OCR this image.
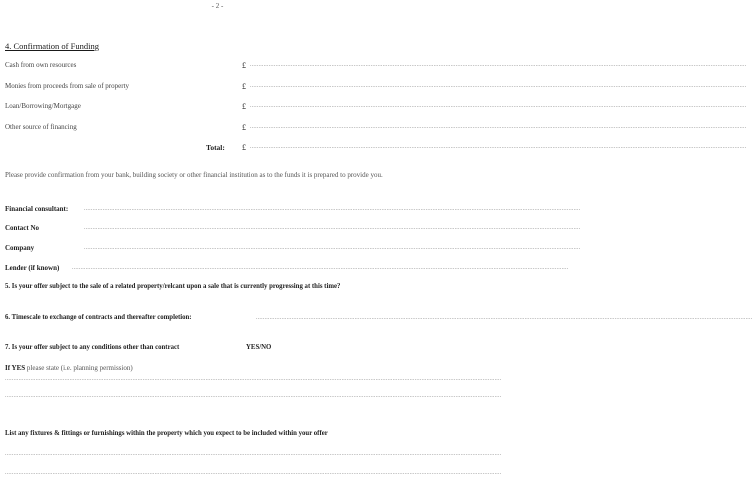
- 2 -
4. Confirmation of Funding
Cash from own resources	£ ....................................................................................................................................................................................................................................................................................................
Monies from proceeds from sale of property	£ ....................................................................................................................................................................................................................................................................................................
Loan/Borrowing/Mortgage	£ ....................................................................................................................................................................................................................................................................................................
Other source of financing	£ ....................................................................................................................................................................................................................................................................................................
Total: £ ....................................................................................................................................................................................................................................................................................................
Please provide confirmation from your bank, building society or other financial institution as to the funds it is prepared to provide you.
Financial consultant:	....................................................................................................................................................................................................................................................................................................
Contact No	....................................................................................................................................................................................................................................................................................................
Company	....................................................................................................................................................................................................................................................................................................
Lender (if known) ....................................................................................................................................................................................................................................................................................................
5. Is your offer subject to the sale of a related property/relcant upon a sale that is currently progressing at this time?
6. Timescale to exchange of contracts and thereafter completion:	....................................................................................................................................................................................................................................................................................................
7. Is your offer subject to any conditions other than contract	YES/NO
If YES please state (i.e. planning permission)
....................................................................................................................................................................................................................................................................................................
....................................................................................................................................................................................................................................................................................................
List any fixtures & fittings or furnishings within the property which you expect to be included within your offer
....................................................................................................................................................................................................................................................................................................
....................................................................................................................................................................................................................................................................................................
